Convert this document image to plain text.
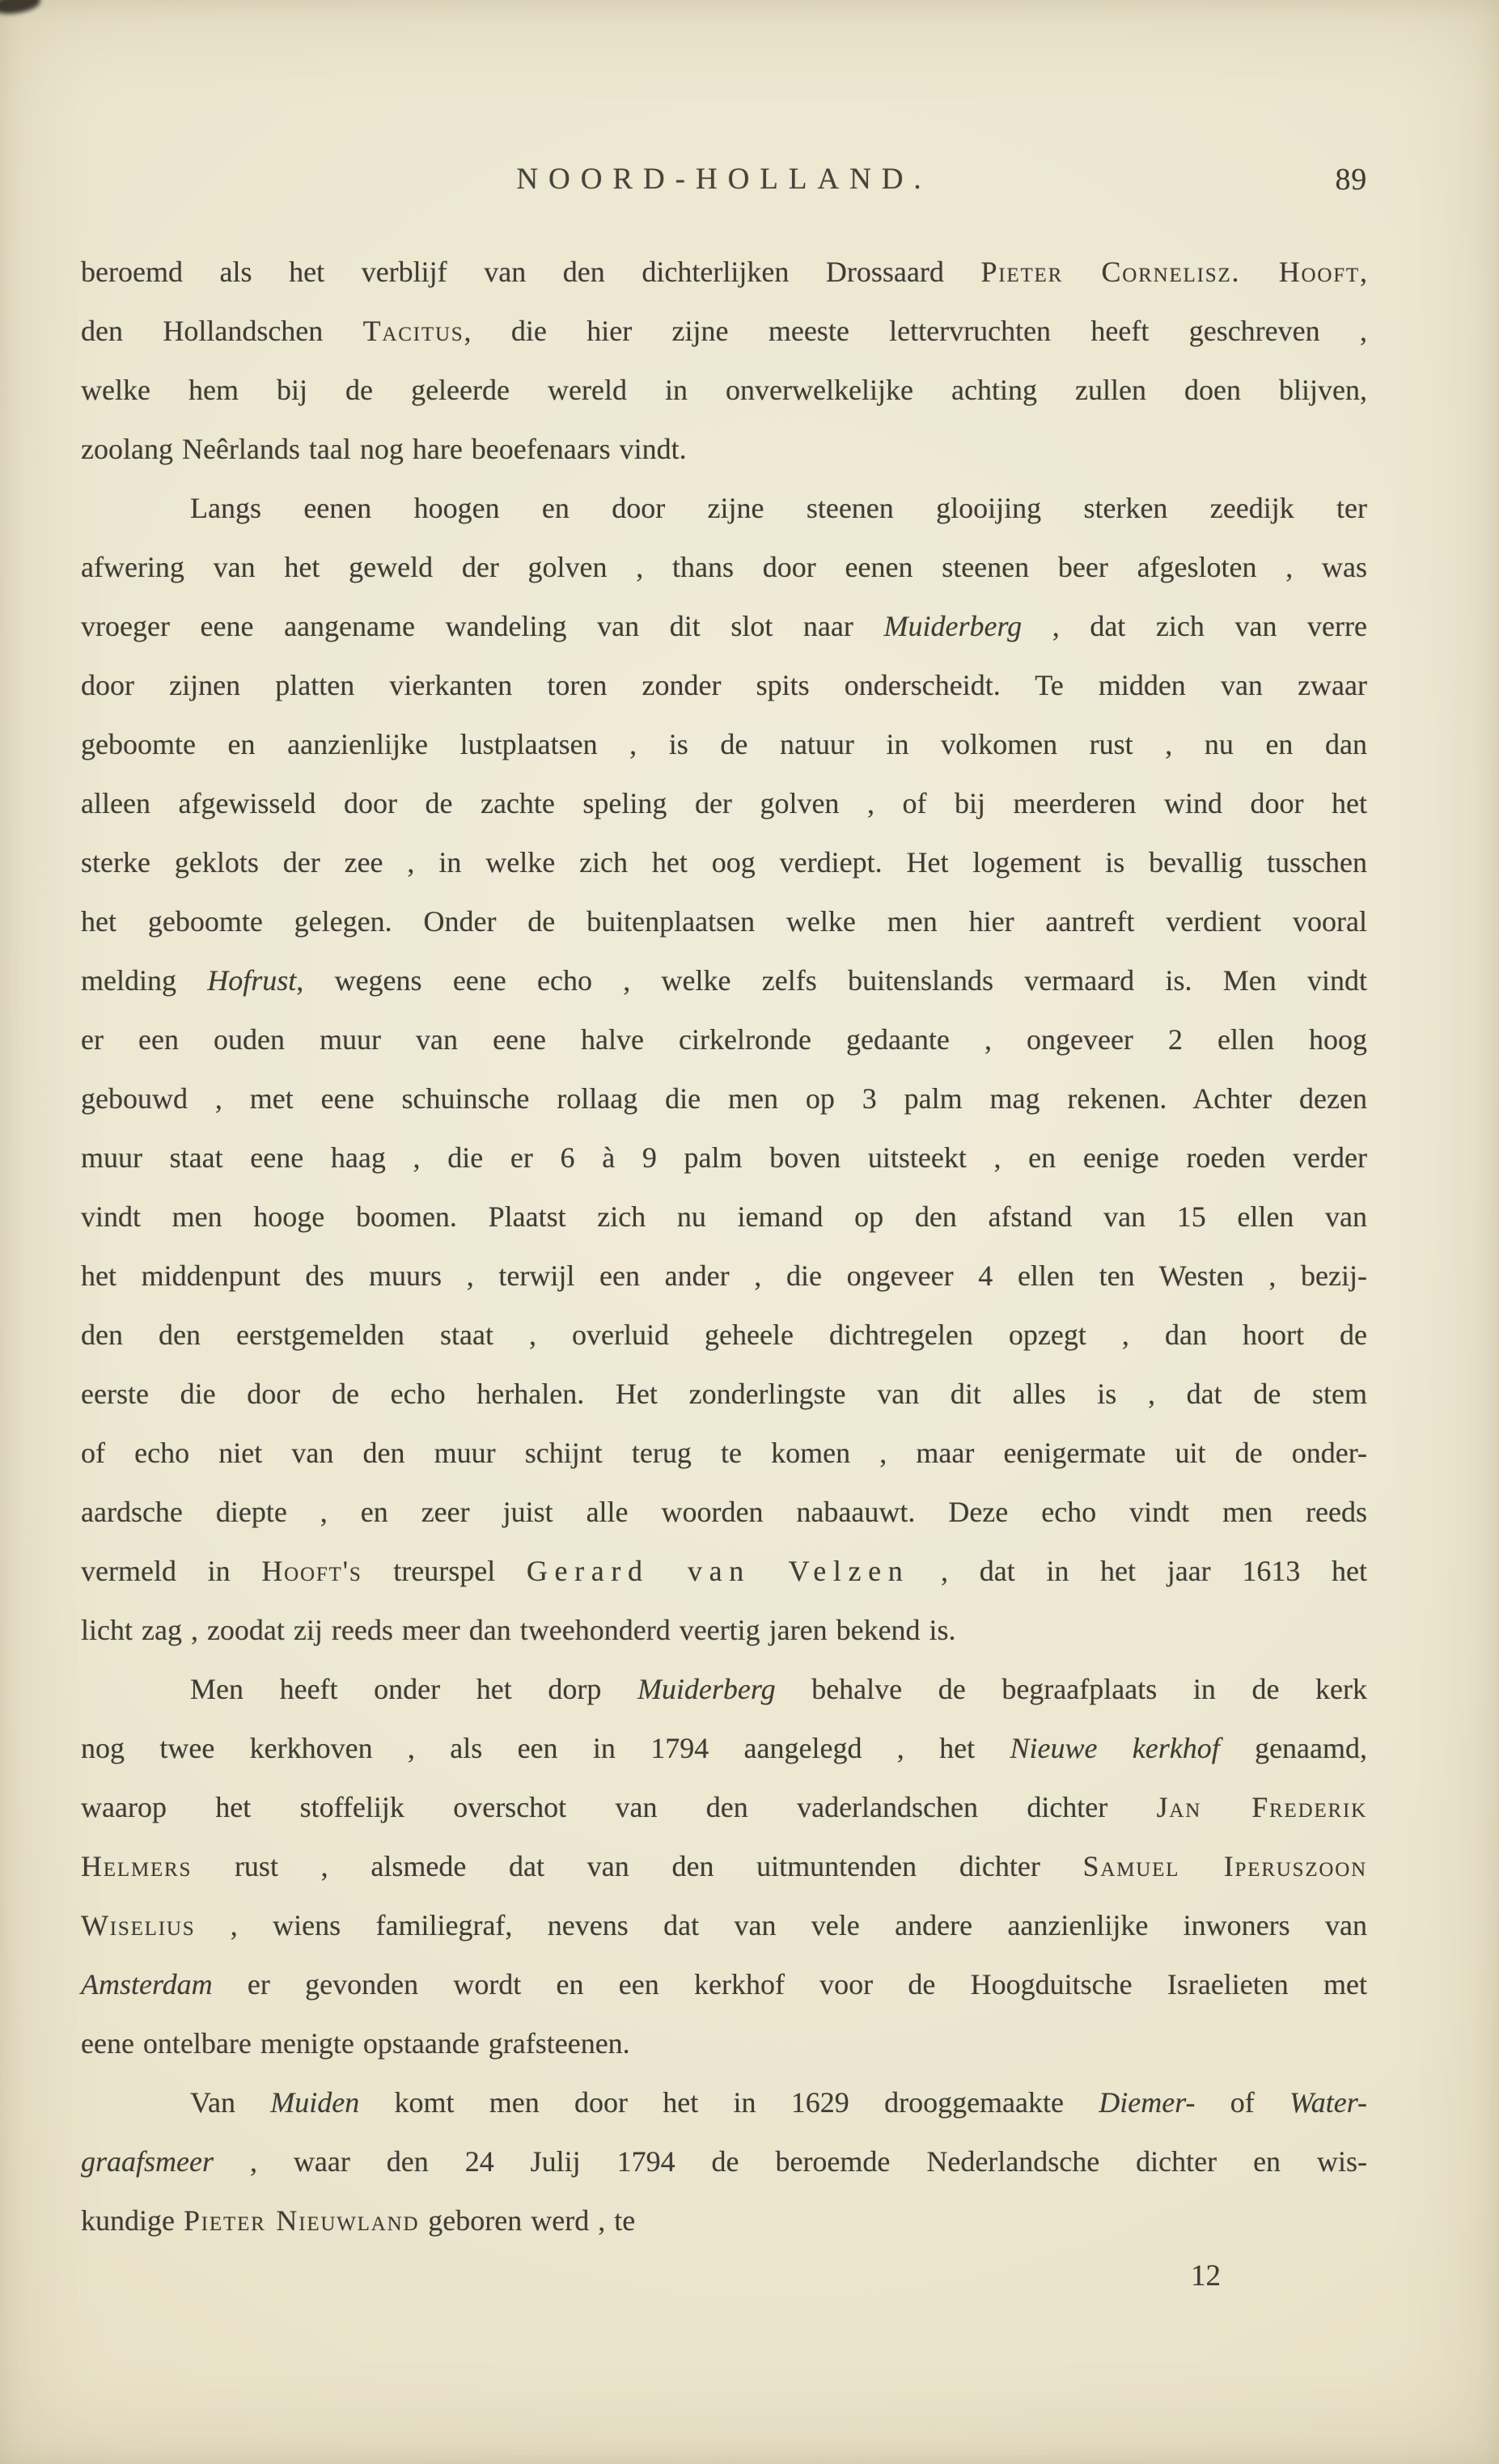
NOORD-HOLLAND.	89
beroemd als het verblijf van den dichterlijken Drossaard Pieter Cornelisz. Hooft,
den Hollandschen Tacitus, die hier zijne meeste lettervruchten heeft geschreven ,
welke hem bij de geleerde wereld in onverwelkelijke achting zullen doen blijven,
zoolang Neêrlands taal nog hare beoefenaars vindt.
Langs eenen hoogen en door zijne steenen glooijing sterken zeedijk ter
afwering van het geweld der golven , thans door eenen steenen beer afgesloten , was
vroeger eene aangename wandeling van dit slot naar Muiderberg , dat zich van verre
door zijnen platten vierkanten toren zonder spits onderscheidt. Te midden van zwaar
geboomte en aanzienlijke lustplaatsen , is de natuur in volkomen rust , nu en dan
alleen afgewisseld door de zachte speling der golven , of bij meerderen wind door het
sterke geklots der zee , in welke zich het oog verdiept. Het logement is bevallig tusschen
het geboomte gelegen. Onder de buitenplaatsen welke men hier aantreft verdient vooral
melding Hofrust, wegens eene echo , welke zelfs buitenslands vermaard is. Men vindt
er een ouden muur van eene halve cirkelronde gedaante , ongeveer 2 ellen hoog
gebouwd , met eene schuinsche rollaag die men op 3 palm mag rekenen. Achter dezen
muur staat eene haag , die er 6 à 9 palm boven uitsteekt , en eenige roeden verder
vindt men hooge boomen. Plaatst zich nu iemand op den afstand van 15 ellen van
het middenpunt des muurs , terwijl een ander , die ongeveer 4 ellen ten Westen , bezij-
den den eerstgemelden staat , overluid geheele dichtregelen opzegt , dan hoort de
eerste die door de echo herhalen. Het zonderlingste van dit alles is , dat de stem
of echo niet van den muur schijnt terug te komen , maar eenigermate uit de onder-
aardsche diepte , en zeer juist alle woorden nabaauwt. Deze echo vindt men reeds
vermeld in Hooft's treurspel Gerard van Velzen , dat in het jaar 1613 het
licht zag , zoodat zij reeds meer dan tweehonderd veertig jaren bekend is.
Men heeft onder het dorp Muiderberg behalve de begraafplaats in de kerk
nog twee kerkhoven , als een in 1794 aangelegd , het Nieuwe kerkhof genaamd,
waarop het stoffelijk overschot van den vaderlandschen dichter Jan Frederik
Helmers rust , alsmede dat van den uitmuntenden dichter Samuel Iperuszoon
Wiselius , wiens familiegraf, nevens dat van vele andere aanzienlijke inwoners van
Amsterdam er gevonden wordt en een kerkhof voor de Hoogduitsche Israelieten met
eene ontelbare menigte opstaande grafsteenen.
Van Muiden komt men door het in 1629 drooggemaakte Diemer- of Water-
graafsmeer , waar den 24 Julij 1794 de beroemde Nederlandsche dichter en wis-
kundige Pieter Nieuwland geboren werd , te
12
